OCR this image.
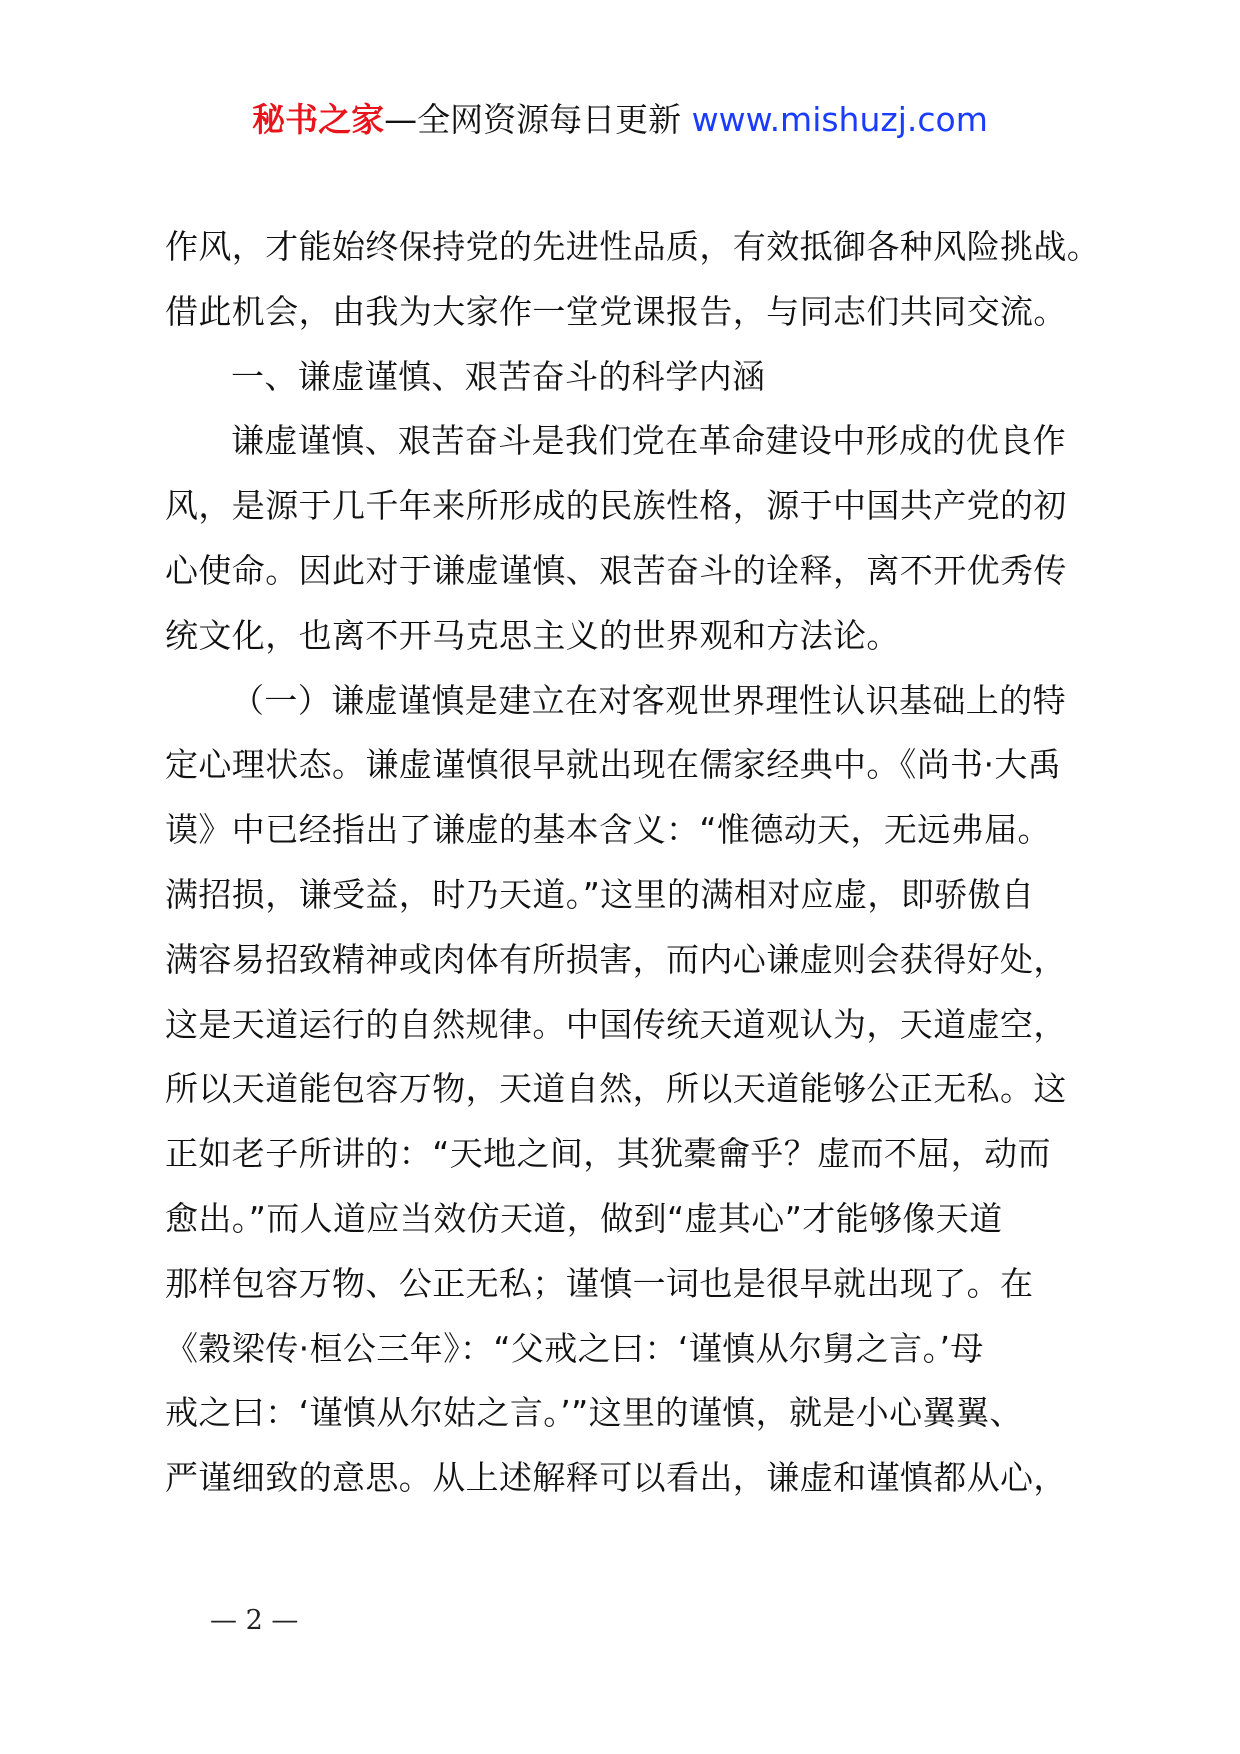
秘书之家—全网资源每日更新 www.mishuzj.com
作风，才能始终保持党的先进性品质，有效抵御各种风险挑战。
借此机会，由我为大家作一堂党课报告，与同志们共同交流。
一、谦虚谨慎、艰苦奋斗的科学内涵
谦虚谨慎、艰苦奋斗是我们党在革命建设中形成的优良作
风，是源于几千年来所形成的民族性格，源于中国共产党的初
心使命。因此对于谦虚谨慎、艰苦奋斗的诠释，离不开优秀传
统文化，也离不开马克思主义的世界观和方法论。
（一）谦虚谨慎是建立在对客观世界理性认识基础上的特
定心理状态。谦虚谨慎很早就出现在儒家经典中。《尚书·大禹
谟》中已经指出了谦虚的基本含义：“惟德动天，无远弗届。
满招损，谦受益，时乃天道。”这里的满相对应虚，即骄傲自
满容易招致精神或肉体有所损害，而内心谦虚则会获得好处，
这是天道运行的自然规律。中国传统天道观认为，天道虚空，
所以天道能包容万物，天道自然，所以天道能够公正无私。这
正如老子所讲的：“天地之间，其犹橐龠乎？虚而不屈，动而
愈出。”而人道应当效仿天道，做到“虚其心”才能够像天道
那样包容万物、公正无私；谨慎一词也是很早就出现了。在
《穀梁传·桓公三年》：“父戒之曰：‘谨慎从尔舅之言。’母
戒之曰：‘谨慎从尔姑之言。’”这里的谨慎，就是小心翼翼、
严谨细致的意思。从上述解释可以看出，谦虚和谨慎都从心，
— 2 —
